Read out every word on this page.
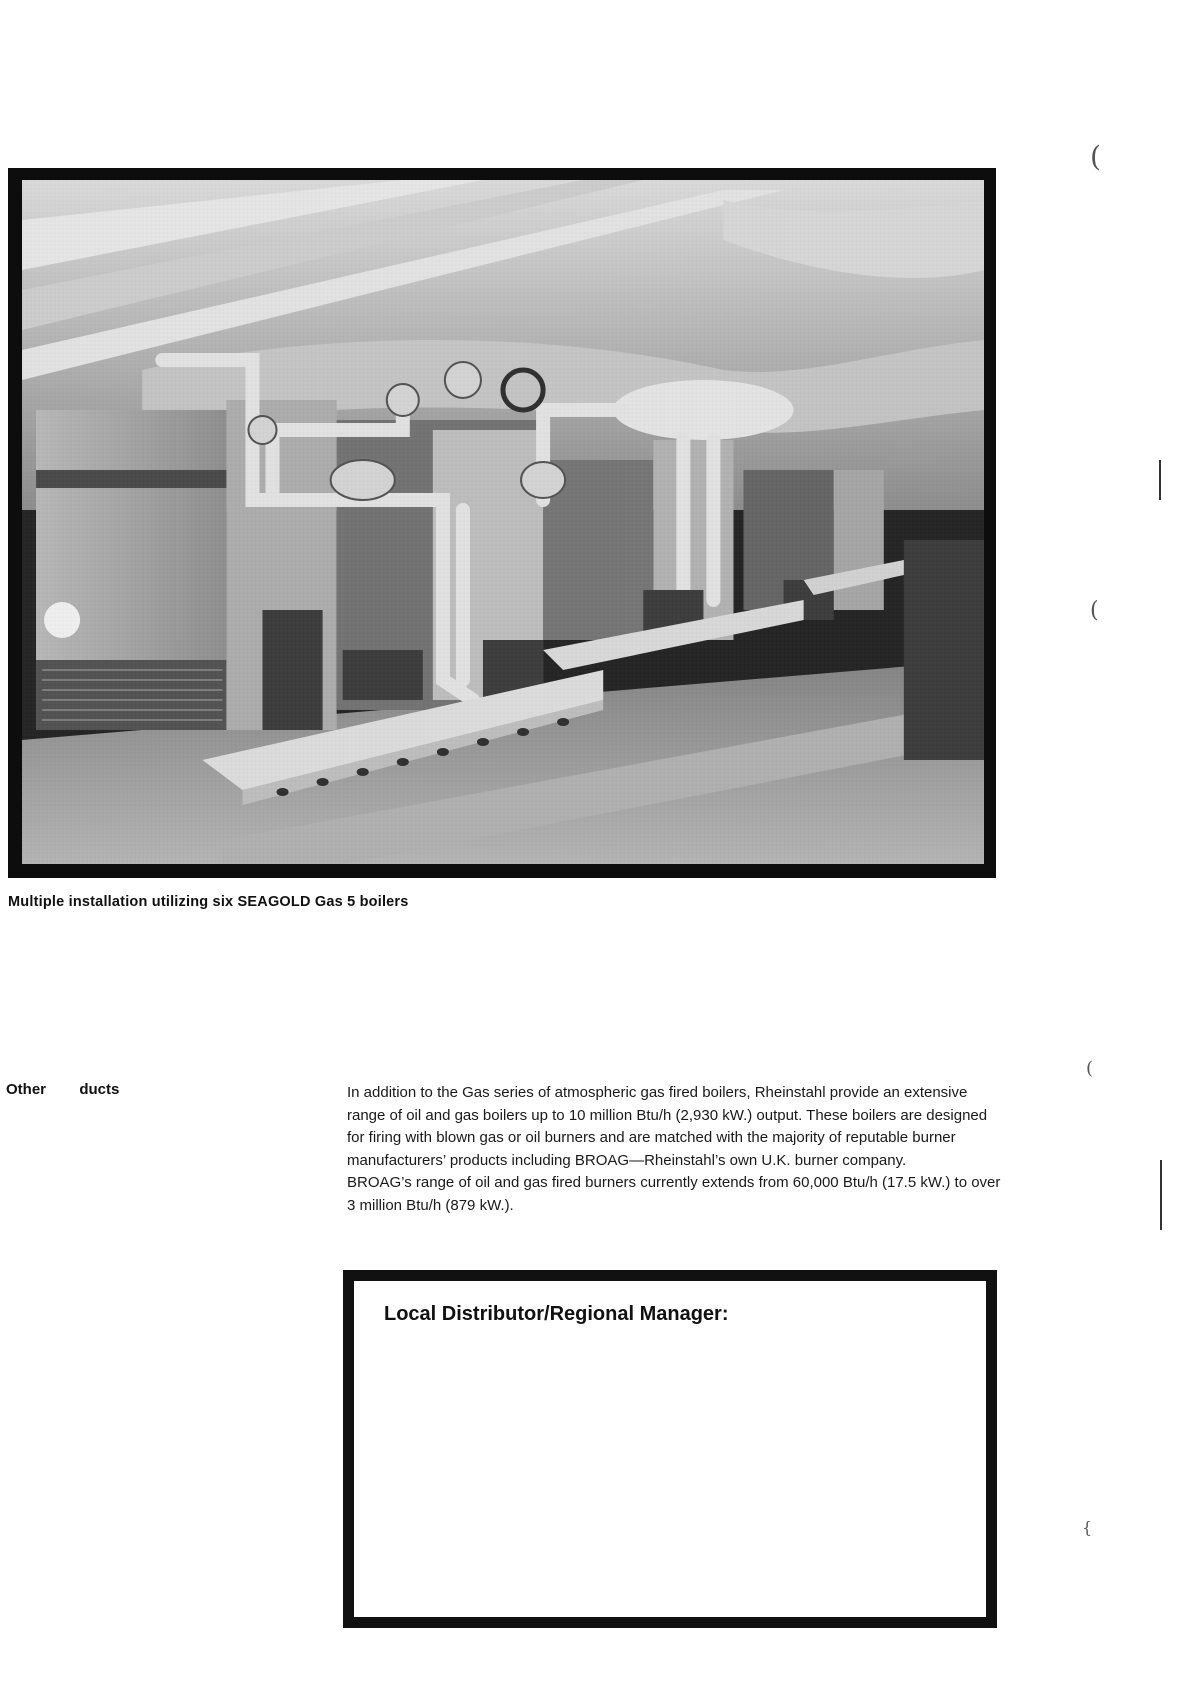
Multiple installation utilizing six SEAGOLD Gas 5 boilers
Other        ducts	In addition to the Gas series of atmospheric gas fired boilers, Rheinstahl provide an extensive range of oil and gas boilers up to 10 million Btu/h (2,930 kW.) output. These boilers are designed for firing with blown gas or oil burners and are matched with the majority of reputable burner manufacturers’ products including BROAG—Rheinstahl’s own U.K. burner company.

BROAG’s range of oil and gas fired burners currently extends from 60,000 Btu/h (17.5 kW.) to over 3 million Btu/h (879 kW.).

Local Distributor/Regional Manager:
(
(
(
{
